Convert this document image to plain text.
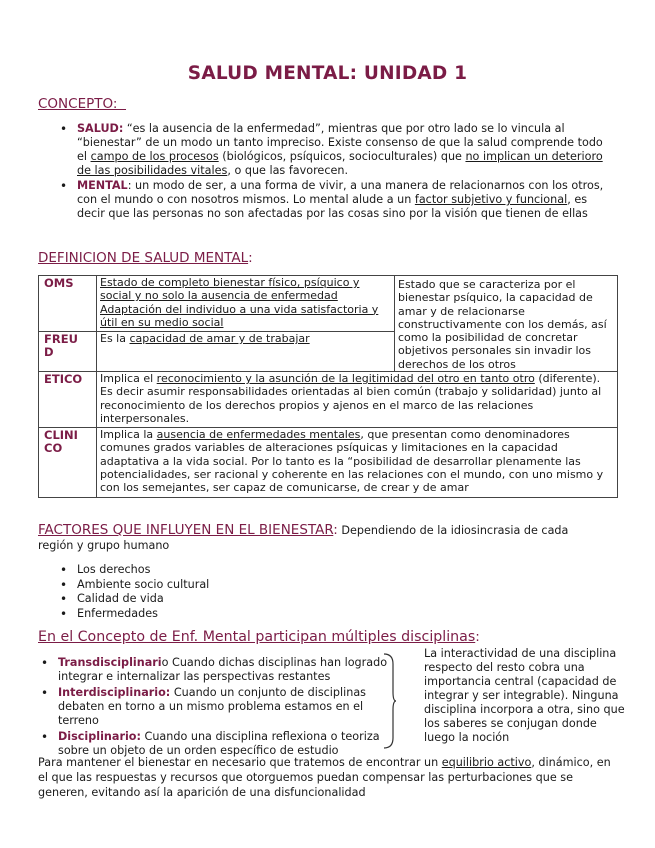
SALUD MENTAL: UNIDAD 1
CONCEPTO:
• SALUD: “es la ausencia de la enfermedad”, mientras que por otro lado se lo vincula al “bienestar” de un modo un tanto impreciso. Existe consenso de que la salud comprende todo el campo de los procesos (biológicos, psíquicos, socioculturales) que no implican un deterioro de las posibilidades vitales, o que las favorecen.
• MENTAL: un modo de ser, a una forma de vivir, a una manera de relacionarnos con los otros, con el mundo o con nosotros mismos. Lo mental alude a un factor subjetivo y funcional, es decir que las personas no son afectadas por las cosas sino por la visión que tienen de ellas
DEFINICION DE SALUD MENTAL:
OMS	Estado de completo bienestar físico, psíquico y social y no solo la ausencia de enfermedad Adaptación del individuo a una vida satisfactoria y útil en su medio social	Estado que se caracteriza por el bienestar psíquico, la capacidad de amar y de relacionarse constructivamente con los demás, así como la posibilidad de concretar objetivos personales sin invadir los derechos de los otros

FREU D	Es la capacidad de amar y de trabajar	
ETICO	Implica el reconocimiento y la asunción de la legitimidad del otro en tanto otro (diferente). Es decir asumir responsabilidades orientadas al bien común (trabajo y solidaridad) junto al reconocimiento de los derechos propios y ajenos en el marco de las relaciones interpersonales.	

CLINI CO	Implica la ausencia de enfermedades mentales, que presentan como denominadores comunes grados variables de alteraciones psíquicas y limitaciones en la capacidad adaptativa a la vida social. Por lo tanto es la “posibilidad de desarrollar plenamente las potencialidades, ser racional y coherente en las relaciones con el mundo, con uno mismo y con los semejantes, ser capaz de comunicarse, de crear y de amar	
FACTORES QUE INFLUYEN EN EL BIENESTAR: Dependiendo de la idiosincrasia de cada región y grupo humano
• Los derechos
• Ambiente socio cultural
• Calidad de vida
• Enfermedades
En el Concepto de Enf. Mental participan múltiples disciplinas:
• Transdisciplinario Cuando dichas disciplinas han logrado integrar e internalizar las perspectivas restantes
• Interdisciplinario: Cuando un conjunto de disciplinas debaten en torno a un mismo problema estamos en el terreno
• Disciplinario: Cuando una disciplina reflexiona o teoriza sobre un objeto de un orden específico de estudio
La interactividad de una disciplina respecto del resto cobra una importancia central (capacidad de integrar y ser integrable). Ninguna disciplina incorpora a otra, sino que los saberes se conjugan donde luego la noción
Para mantener el bienestar en necesario que tratemos de encontrar un equilibrio activo, dinámico, en el que las respuestas y recursos que otorguemos puedan compensar las perturbaciones que se generen, evitando así la aparición de una disfuncionalidad
